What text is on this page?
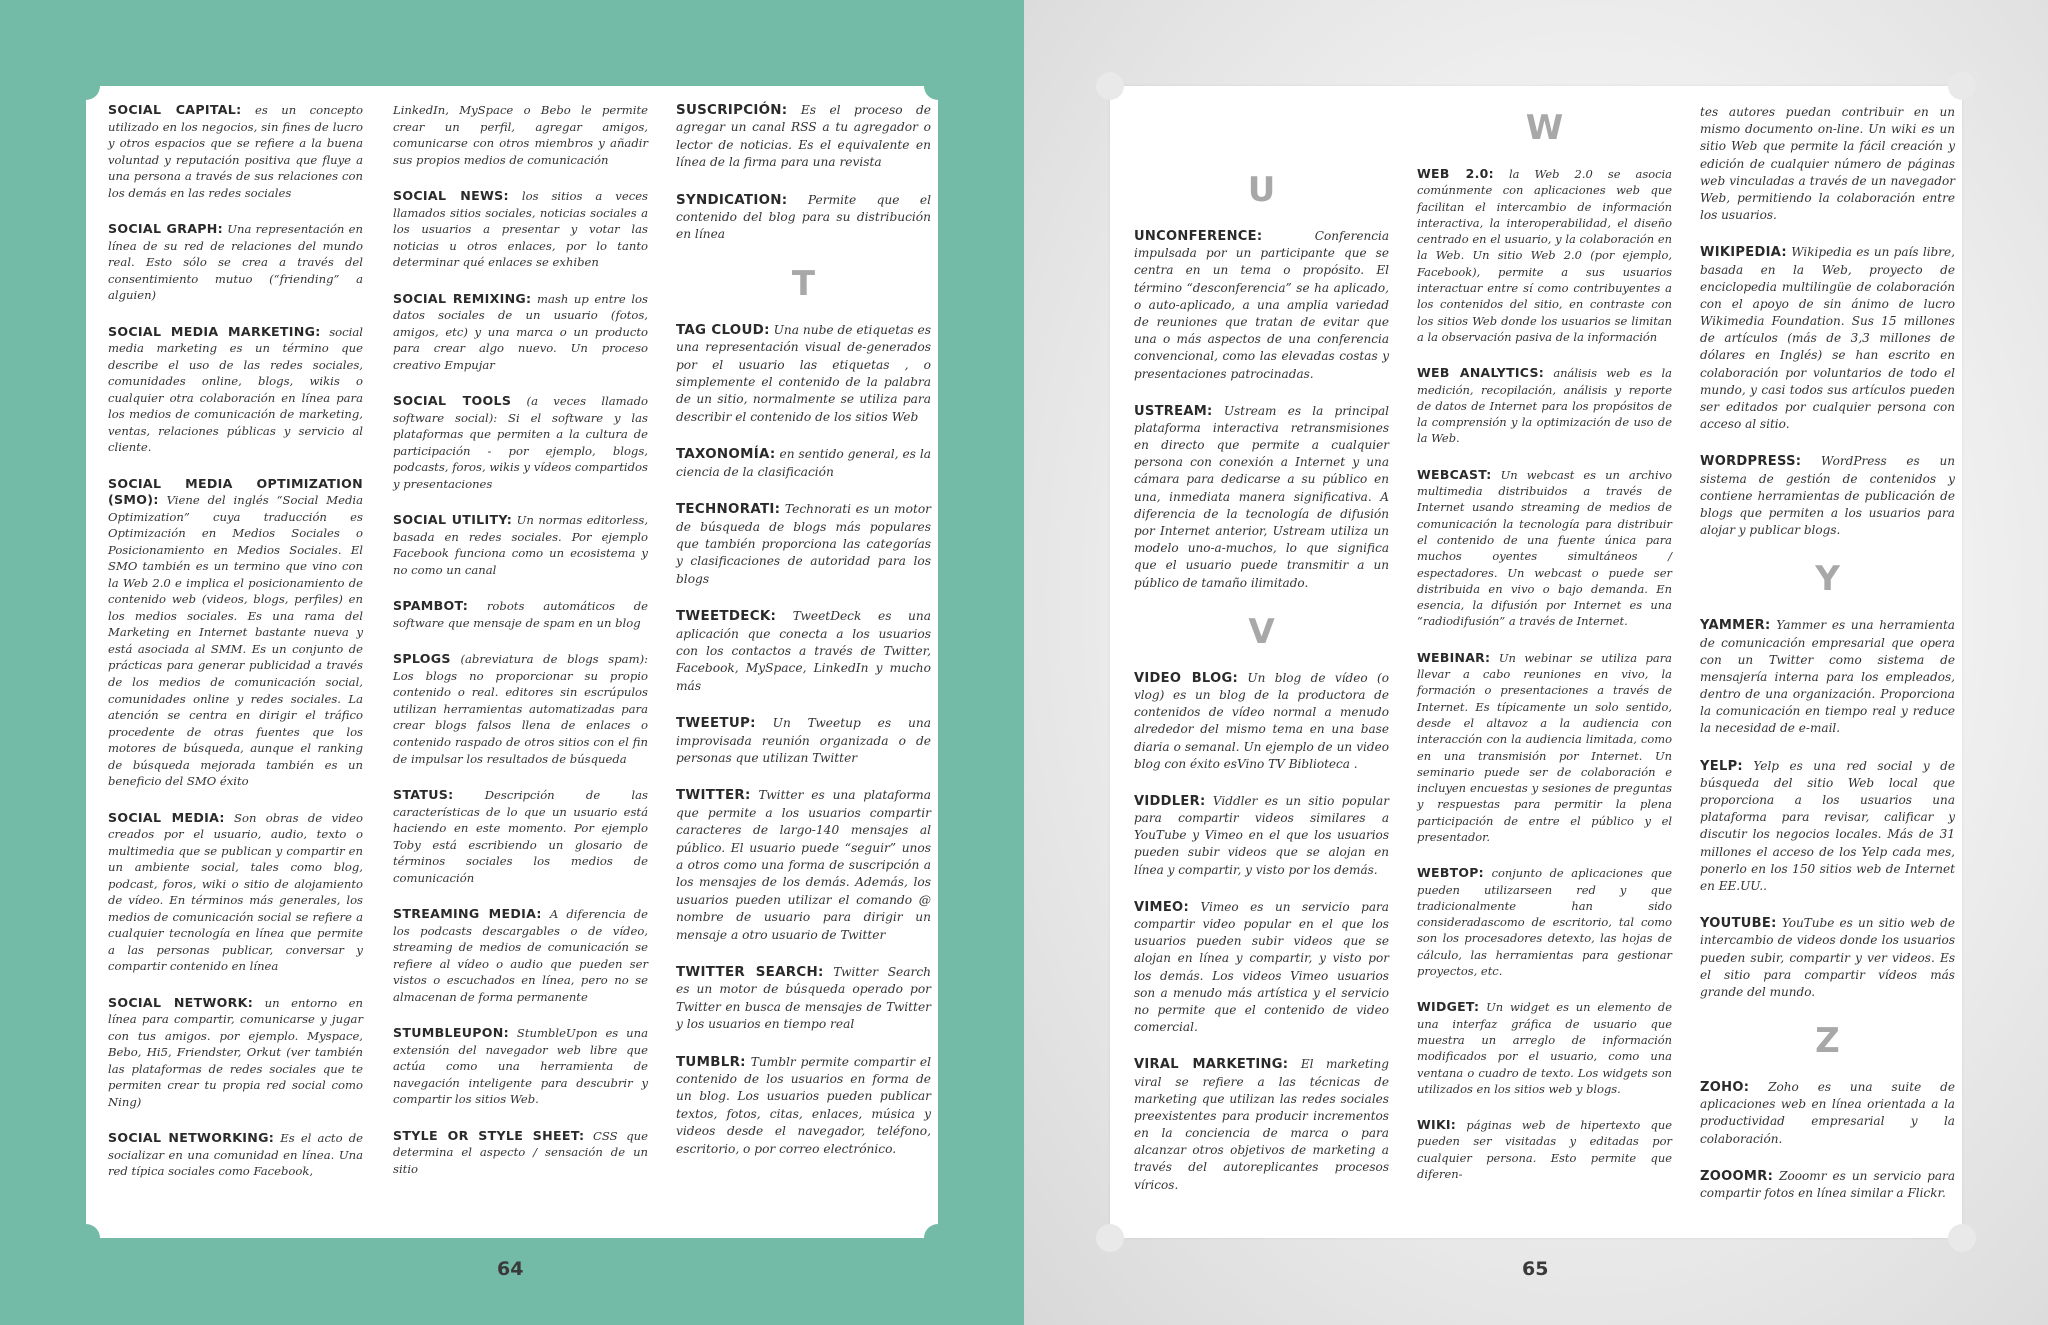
SOCIAL CAPITAL: es un concepto utilizado en los negocios, sin fines de lucro y otros espacios que se refiere a la buena voluntad y reputación positiva que fluye a una persona a través de sus relaciones con los demás en las redes sociales

SOCIAL GRAPH: Una representación en línea de su red de relaciones del mundo real. Esto sólo se crea a través del consentimiento mutuo (“friending” a alguien)

SOCIAL MEDIA MARKETING: social media marketing es un término que describe el uso de las redes sociales, comunidades online, blogs, wikis o cualquier otra colaboración en línea para los medios de comunicación de marketing, ventas, relaciones públicas y servicio al cliente.

SOCIAL MEDIA OPTIMIZATION (SMO): Viene del inglés “Social Media Optimization” cuya traducción es Optimización en Medios Sociales o Posicionamiento en Medios Sociales. El SMO también es un termino que vino con la Web 2.0 e implica el posicionamiento de contenido web (videos, blogs, perfiles) en los medios sociales. Es una rama del Marketing en Internet bastante nueva y está asociada al SMM. Es un conjunto de prácticas para generar publicidad a través de los medios de comunicación social, comunidades online y redes sociales. La atención se centra en dirigir el tráfico procedente de otras fuentes que los motores de búsqueda, aunque el ranking de búsqueda mejorada también es un beneficio del SMO éxito

SOCIAL MEDIA: Son obras de video creados por el usuario, audio, texto o multimedia que se publican y compartir en un ambiente social, tales como blog, podcast, foros, wiki o sitio de alojamiento de vídeo. En términos más generales, los medios de comunicación social se refiere a cualquier tecnología en línea que permite a las personas publicar, conversar y compartir contenido en línea

SOCIAL NETWORK: un entorno en línea para compartir, comunicarse y jugar con tus amigos. por ejemplo. Myspace, Bebo, Hi5, Friendster, Orkut (ver también las plataformas de redes sociales que te permiten crear tu propia red social como Ning)

SOCIAL NETWORKING: Es el acto de socializar en una comunidad en línea. Una red típica sociales como Facebook,

LinkedIn, MySpace o Bebo le permite crear un perfil, agregar amigos, comunicarse con otros miembros y añadir sus propios medios de comunicación

SOCIAL NEWS: los sitios a veces llamados sitios sociales, noticias sociales a los usuarios a presentar y votar las noticias u otros enlaces, por lo tanto determinar qué enlaces se exhiben

SOCIAL REMIXING: mash up entre los datos sociales de un usuario (fotos, amigos, etc) y una marca o un producto para crear algo nuevo. Un proceso creativo Empujar

SOCIAL TOOLS (a veces llamado software social): Si el software y las plataformas que permiten a la cultura de participación - por ejemplo, blogs, podcasts, foros, wikis y vídeos compartidos y presentaciones

SOCIAL UTILITY: Un normas editorless, basada en redes sociales. Por ejemplo Facebook funciona como un ecosistema y no como un canal

SPAMBOT: robots automáticos de software que mensaje de spam en un blog

SPLOGS (abreviatura de blogs spam): Los blogs no proporcionar su propio contenido o real. editores sin escrúpulos utilizan herramientas automatizadas para crear blogs falsos llena de enlaces o contenido raspado de otros sitios con el fin de impulsar los resultados de búsqueda

STATUS:	Descripción de las características de lo que un usuario está haciendo en este momento. Por ejemplo Toby está escribiendo un glosario de términos sociales los medios de comunicación

STREAMING MEDIA: A diferencia de los podcasts descargables o de vídeo, streaming de medios de comunicación se refiere al vídeo o audio que pueden ser vistos o escuchados en línea, pero no se almacenan de forma permanente

STUMBLEUPON: StumbleUpon es una extensión del navegador web libre que actúa como una herramienta de navegación inteligente para descubrir y compartir los sitios Web.

STYLE OR STYLE SHEET: CSS que determina el aspecto / sensación de un sitio

SUSCRIPCIÓN: Es el proceso de agregar un canal RSS a tu agregador o lector de noticias. Es el equivalente en línea de la firma para una revista

SYNDICATION: Permite que el contenido del blog para su distribución en línea

T

TAG CLOUD: Una nube de etiquetas es una representación visual de-generados por el usuario las etiquetas , o simplemente el contenido de la palabra de un sitio, normalmente se utiliza para describir el contenido de los sitios Web

TAXONOMÍA: en sentido general, es la ciencia de la clasificación

TECHNORATI: Technorati es un motor de búsqueda de blogs más populares que también proporciona las categorías y clasificaciones de autoridad para los blogs

TWEETDECK: TweetDeck es una aplicación que conecta a los usuarios con los contactos a través de Twitter, Facebook, MySpace, LinkedIn y mucho más

TWEETUP: Un Tweetup es una improvisada reunión organizada o de personas que utilizan Twitter

TWITTER: Twitter es una plataforma que permite a los usuarios compartir caracteres de largo-140 mensajes al público. El usuario puede “seguir” unos a otros como una forma de suscripción a los mensajes de los demás. Además, los usuarios pueden utilizar el comando @ nombre de usuario para dirigir un mensaje a otro usuario de Twitter

TWITTER SEARCH: Twitter Search es un motor de búsqueda operado por Twitter en busca de mensajes de Twitter y los usuarios en tiempo real

TUMBLR: Tumblr permite compartir el contenido de los usuarios en forma de un blog. Los usuarios pueden publicar textos, fotos, citas, enlaces, música y videos desde el navegador, teléfono, escritorio, o por correo electrónico.

U

UNCONFERENCE:	Conferencia impulsada por un participante que se centra en un tema o propósito. El término “desconferencia” se ha aplicado, o auto-aplicado, a una amplia variedad de reuniones que tratan de evitar que una o más aspectos de una conferencia convencional, como las elevadas costas y presentaciones patrocinadas.

USTREAM: Ustream es la principal plataforma interactiva retransmisiones en directo que permite a cualquier persona con conexión a Internet y una cámara para dedicarse a su público en una, inmediata manera significativa. A diferencia de la tecnología de difusión por Internet anterior, Ustream utiliza un modelo uno-a-muchos, lo que significa que el usuario puede transmitir a un público de tamaño ilimitado.

V

VIDEO BLOG: Un blog de vídeo (o vlog) es un blog de la productora de contenidos de vídeo normal a menudo alrededor del mismo tema en una base diaria o semanal. Un ejemplo de un video blog con éxito esVino TV Biblioteca .

VIDDLER: Viddler es un sitio popular para compartir videos similares a YouTube y Vimeo en el que los usuarios pueden subir videos que se alojan en línea y compartir, y visto por los demás.

VIMEO: Vimeo es un servicio para compartir video popular en el que los usuarios pueden subir videos que se alojan en línea y compartir, y visto por los demás. Los videos Vimeo usuarios son a menudo más artística y el servicio no permite que el contenido de video comercial.

VIRAL MARKETING: El marketing viral se refiere a las técnicas de marketing que utilizan las redes sociales preexistentes para producir incrementos en la conciencia de marca o para alcanzar otros objetivos de marketing a través del autoreplicantes procesos víricos.

W

WEB 2.0: la Web 2.0 se asocia comúnmente con aplicaciones web que facilitan el intercambio de información interactiva, la interoperabilidad, el diseño centrado en el usuario, y la colaboración en la Web. Un sitio Web 2.0 (por ejemplo, Facebook), permite a sus usuarios interactuar entre sí como contribuyentes a los contenidos del sitio, en contraste con los sitios Web donde los usuarios se limitan a la observación pasiva de la información

WEB ANALYTICS: análisis web es la medición, recopilación, análisis y reporte de datos de Internet para los propósitos de la comprensión y la optimización de uso de la Web.

WEBCAST: Un webcast es un archivo multimedia distribuidos a través de Internet usando streaming de medios de comunicación la tecnología para distribuir el contenido de una fuente única para muchos oyentes simultáneos / espectadores. Un webcast o puede ser distribuida en vivo o bajo demanda. En esencia, la difusión por Internet es una “radiodifusión” a través de Internet.

WEBINAR: Un webinar se utiliza para llevar a cabo reuniones en vivo, la formación o presentaciones a través de Internet. Es típicamente un solo sentido, desde el altavoz a la audiencia con interacción con la audiencia limitada, como en una transmisión por Internet. Un seminario puede ser de colaboración e incluyen encuestas y sesiones de preguntas y respuestas para permitir la plena participación de entre el público y el presentador.

WEBTOP: conjunto de aplicaciones que pueden utilizarseen red y que tradicionalmente han sido consideradascomo de escritorio, tal como son los procesadores detexto, las hojas de cálculo, las herramientas para gestionar proyectos, etc.

WIDGET: Un widget es un elemento de una interfaz gráfica de usuario que muestra un arreglo de información modificados por el usuario, como una ventana o cuadro de texto. Los widgets son utilizados en los sitios web y blogs.

WIKI: páginas web de hipertexto que pueden ser visitadas y editadas por cualquier persona. Esto permite que diferen-

tes autores puedan contribuir en un mismo documento on-line. Un wiki es un sitio Web que permite la fácil creación y edición de cualquier número de páginas web vinculadas a través de un navegador Web, permitiendo la colaboración entre los usuarios.

WIKIPEDIA: Wikipedia es un país libre, basada en la Web, proyecto de enciclopedia multilingüe de colaboración con el apoyo de sin ánimo de lucro Wikimedia Foundation. Sus 15 millones de artículos (más de 3,3 millones de dólares en Inglés) se han escrito en colaboración por voluntarios de todo el mundo, y casi todos sus artículos pueden ser editados por cualquier persona con acceso al sitio.

WORDPRESS: WordPress es un sistema de gestión de contenidos y contiene herramientas de publicación de blogs que permiten a los usuarios para alojar y publicar blogs.

Y

YAMMER: Yammer es una herramienta de comunicación empresarial que opera con un Twitter como sistema de mensajería interna para los empleados, dentro de una organización. Proporciona la comunicación en tiempo real y reduce la necesidad de e-mail.

YELP: Yelp es una red social y de búsqueda del sitio Web local que proporciona a los usuarios una plataforma para revisar, calificar y discutir los negocios locales. Más de 31 millones el acceso de los Yelp cada mes, ponerlo en los 150 sitios web de Internet en EE.UU..

YOUTUBE: YouTube es un sitio web de intercambio de videos donde los usuarios pueden subir, compartir y ver videos. Es el sitio para compartir vídeos más grande del mundo.

Z

ZOHO: Zoho es una suite de aplicaciones web en línea orientada a la productividad empresarial y la colaboración.

ZOOOMR: Zooomr es un servicio para compartir fotos en línea similar a Flickr.

64	65
